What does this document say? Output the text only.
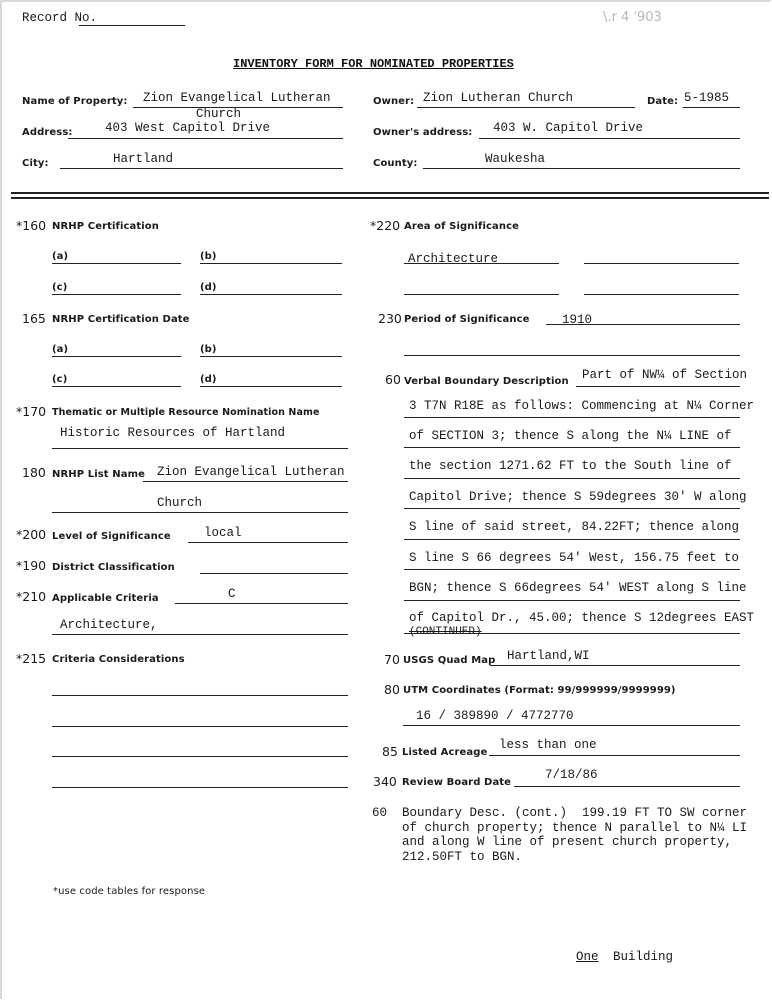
Record No.	\.r 4 ˈ903
INVENTORY FORM FOR NOMINATED PROPERTIES
Name of Property: Zion Evangelical Lutheran
Church
Address:	403 West Capitol Drive
City:	Hartland
Owner: Zion Lutheran Church	Date: 5-1985
Owner's address: 403 W. Capitol Drive
County:	Waukesha
*160 NRHP Certification
(a)	(b)
(c)	(d)
165 NRHP Certification Date
(a)	(b)
(c)	(d)
*170 Thematic or Multiple Resource Nomination Name
Historic Resources of Hartland
180 NRHP List Name Zion Evangelical Lutheran
Church
*200 Level of Significance	local
*190 District Classification
*210 Applicable Criteria	C
Architecture,
*215 Criteria Considerations
*use code tables for response
*220 Area of Significance
Architecture
230 Period of Significance	1910
60 Verbal Boundary Description Part of NW¼ of Section
3 T7N R18E as follows: Commencing at N¼ Corner
of SECTION 3; thence S along the N¼ LINE of
the section 1271.62 FT to the South line of
Capitol Drive; thence S 59degrees 30' W along
S line of said street, 84.22FT; thence along
S line S 66 degrees 54' West, 156.75 feet to
BGN; thence S 66degrees 54' WEST along S line
of Capitol Dr., 45.00; thence S 12degrees EAST
(CONTINUED)
70 USGS Quad Map Hartland,WI
80 UTM Coordinates (Format: 99/999999/9999999)
16 / 389890 / 4772770
85 Listed Acreage
less than one
340 Review Board Date
7/18/86
60 Boundary Desc. (cont.)  199.19 FT TO SW corner
of church property; thence N parallel to N¼ LI
and along W line of present church property,
212.50FT to BGN.
One Building
